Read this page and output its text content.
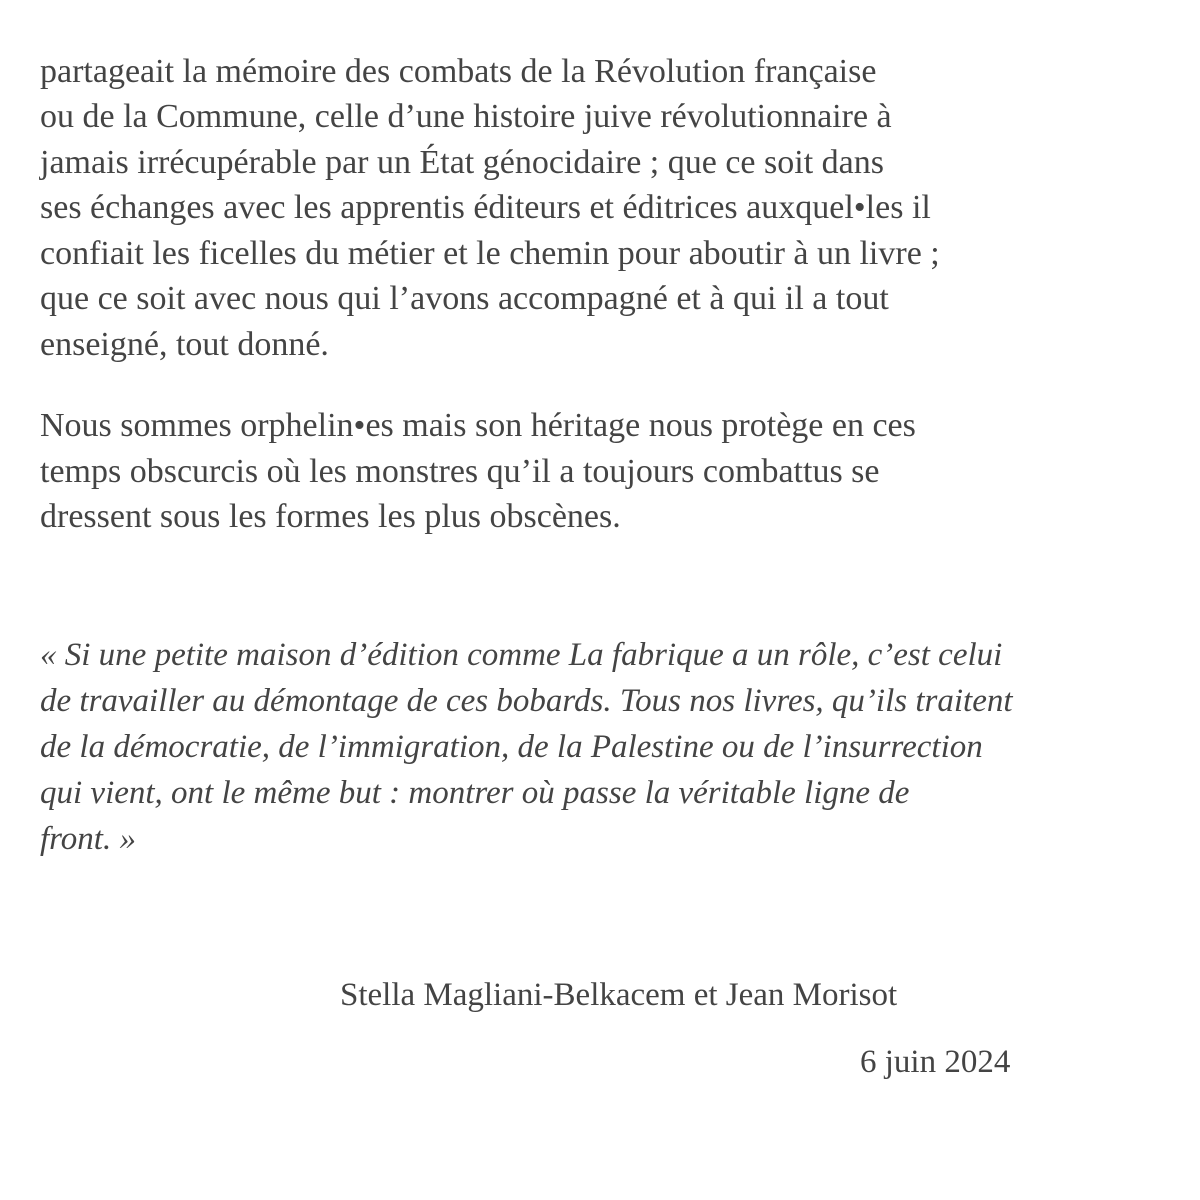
partageait la mémoire des combats de la Révolution française
ou de la Commune, celle d’une histoire juive révolutionnaire à
jamais irrécupérable par un État génocidaire ; que ce soit dans
ses échanges avec les apprentis éditeurs et éditrices auxquel•les il
confiait les ficelles du métier et le chemin pour aboutir à un livre ;
que ce soit avec nous qui l’avons accompagné et à qui il a tout
enseigné, tout donné.
Nous sommes orphelin•es mais son héritage nous protège en ces
temps obscurcis où les monstres qu’il a toujours combattus se
dressent sous les formes les plus obscènes.
« Si une petite maison d’édition comme La fabrique a un rôle, c’est celui
de travailler au démontage de ces bobards. Tous nos livres, qu’ils traitent
de la démocratie, de l’immigration, de la Palestine ou de l’insurrection
qui vient, ont le même but : montrer où passe la véritable ligne de
front. »
Stella Magliani-Belkacem et Jean Morisot
6 juin 2024
